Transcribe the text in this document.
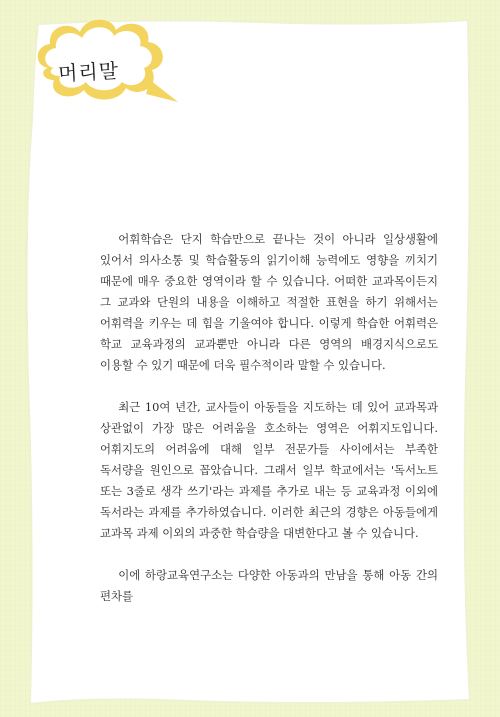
머리말

어휘학습은 단지 학습만으로 끝나는 것이 아니라 일상생활에 있어서 의사소통 및 학습활동의 읽기이해 능력에도 영향을 끼치기 때문에 매우 중요한 영역이라 할 수 있습니다. 어떠한 교과목이든지 그 교과와 단원의 내용을 이해하고 적절한 표현을 하기 위해서는 어휘력을 키우는 데 힘을 기울여야 합니다. 이렇게 학습한 어휘력은 학교 교육과정의 교과뿐만 아니라 다른 영역의 배경지식으로도 이용할 수 있기 때문에 더욱 필수적이라 말할 수 있습니다.

최근 10여 년간, 교사들이 아동들을 지도하는 데 있어 교과목과 상관없이 가장 많은 어려움을 호소하는 영역은 어휘지도입니다. 어휘지도의 어려움에 대해 일부 전문가들 사이에서는 부족한 독서량을 원인으로 꼽았습니다. 그래서 일부 학교에서는 '독서노트 또는 3줄로 생각 쓰기'라는 과제를 추가로 내는 등 교육과정 이외에 독서라는 과제를 추가하였습니다. 이러한 최근의 경향은 아동들에게 교과목 과제 이외의 과중한 학습량을 대변한다고 볼 수 있습니다.

이에 하랑교육연구소는 다양한 아동과의 만남을 통해 아동 간의 편차를
